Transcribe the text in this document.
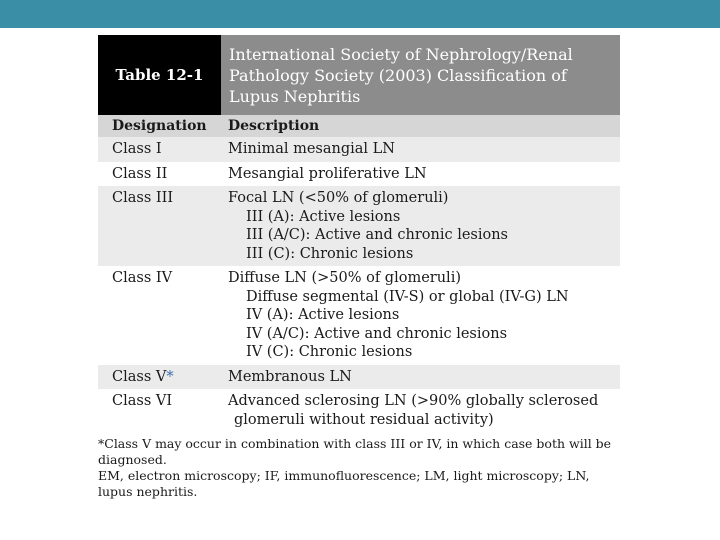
Table 12-1
International Society of Nephrology/Renal
Pathology Society (2003) Classification of
Lupus Nephritis
Designation	Description
Class I	Minimal mesangial LN
Class II	Mesangial proliferative LN
Class III	Focal LN (<50% of glomeruli)
III (A): Active lesions
III (A/C): Active and chronic lesions
III (C): Chronic lesions
Class IV	Diffuse LN (>50% of glomeruli)
Diffuse segmental (IV-S) or global (IV-G) LN
IV (A): Active lesions
IV (A/C): Active and chronic lesions
IV (C): Chronic lesions
Class V*	Membranous LN
Class VI	Advanced sclerosing LN (>90% globally sclerosed
glomeruli without residual activity)
*Class V may occur in combination with class III or IV, in which case both will be diagnosed.
EM, electron microscopy; IF, immunofluorescence; LM, light microscopy; LN, lupus nephritis.
